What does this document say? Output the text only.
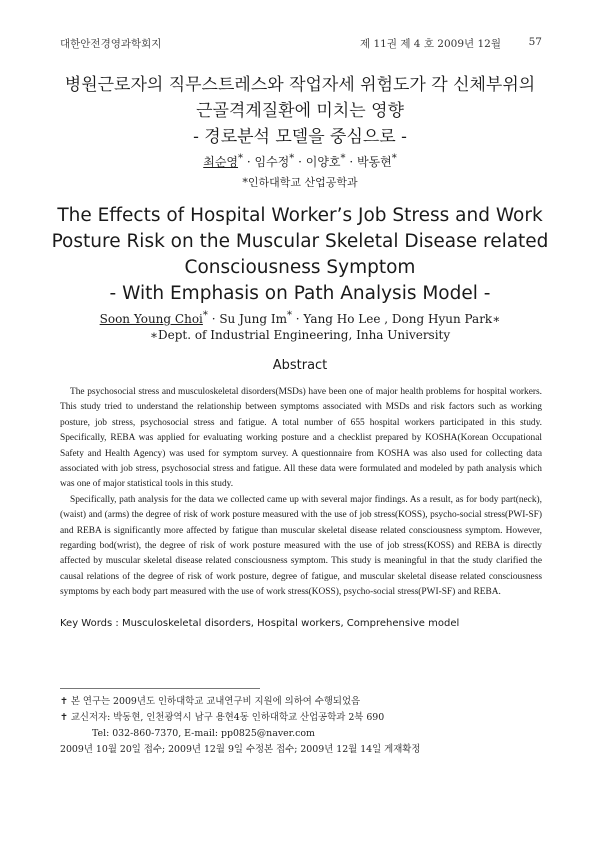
대한안전경영과학회지	제 11권 제 4 호 2009년 12월	57
병원근로자의 직무스트레스와 작업자세 위험도가 각 신체부위의
근골격계질환에 미치는 영향
- 경로분석 모델을 중심으로 -
최순영* · 임수정* · 이양호* · 박동현*
*인하대학교 산업공학과
The Effects of Hospital Worker’s Job Stress and Work
Posture Risk on the Muscular Skeletal Disease related
Consciousness Symptom
- With Emphasis on Path Analysis Model -
Soon Young Choi* · Su Jung Im* · Yang Ho Lee , Dong Hyun Park∗
∗Dept. of Industrial Engineering, Inha University
Abstract

The psychosocial stress and musculoskeletal disorders(MSDs) have been one of major health problems for hospital workers. This study tried to understand the relationship between symptoms associated with MSDs and risk factors such as working posture, job stress, psychosocial stress and fatigue. A total number of 655 hospital workers participated in this study. Specifically, REBA was applied for evaluating working posture and a checklist prepared by KOSHA(Korean Occupational Safety and Health Agency) was used for symptom survey. A questionnaire from KOSHA was also used for collecting data associated with job stress, psychosocial stress and fatigue. All these data were formulated and modeled by path analysis which was one of major statistical tools in this study.

Specifically, path analysis for the data we collected came up with several major findings. As a result, as for body part(neck), (waist) and (arms) the degree of risk of work posture measured with the use of job stress(KOSS), psycho-social stress(PWI-SF) and REBA is significantly more affected by fatigue than muscular skeletal disease related consciousness symptom. However, regarding bod(wrist), the degree of risk of work posture measured with the use of job stress(KOSS) and REBA is directly affected by muscular skeletal disease related consciousness symptom. This study is meaningful in that the study clarified the causal relations of the degree of risk of work posture, degree of fatigue, and muscular skeletal disease related consciousness symptoms by each body part measured with the use of work stress(KOSS), psycho-social stress(PWI-SF) and REBA.

Key Words : Musculoskeletal disorders, Hospital workers, Comprehensive model
✝ 본 연구는 2009년도 인하대학교 교내연구비 지원에 의하여 수행되었음
✝ 교신저자: 박동현, 인천광역시 남구 용현4동 인하대학교 산업공학과 2북 690
Tel: 032-860-7370, E-mail: pp0825@naver.com
2009년 10월 20일 접수; 2009년 12월 9일 수정본 접수; 2009년 12월 14일 게재확정
